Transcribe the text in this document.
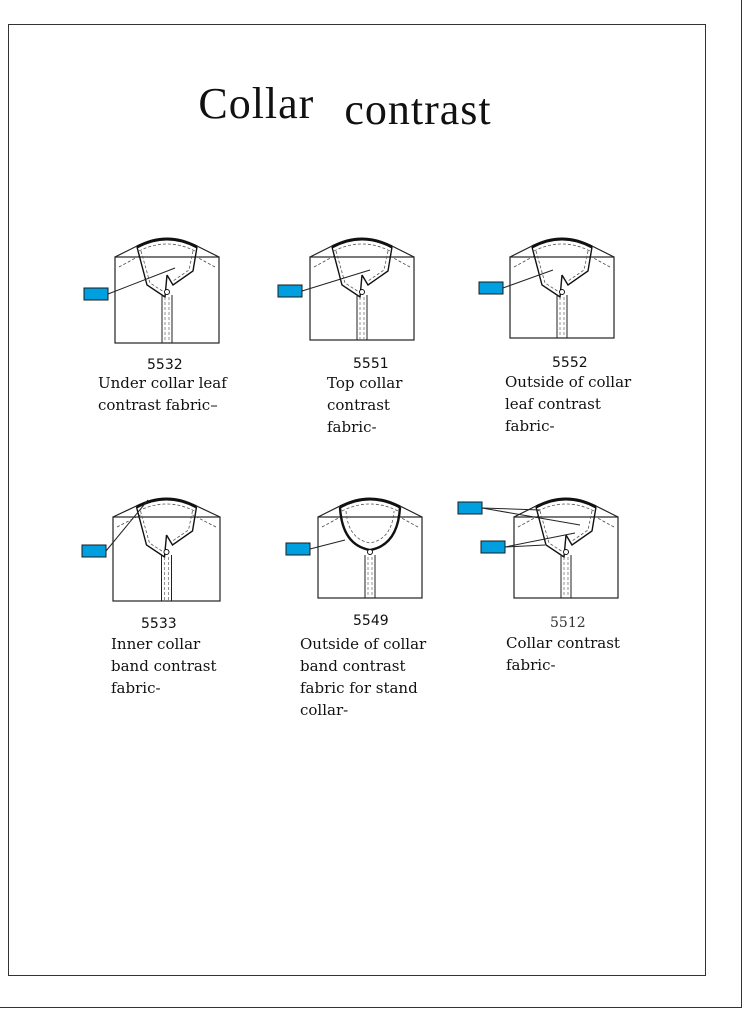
Collar contrast
5532
Under collar leaf
contrast fabric–
5551
Top collar
contrast
fabric-
5552
Outside of collar
leaf contrast
fabric-
5533
Inner collar
band contrast
fabric-
5549
Outside of collar
band contrast
fabric for stand
collar-
5512
Collar contrast
fabric-
